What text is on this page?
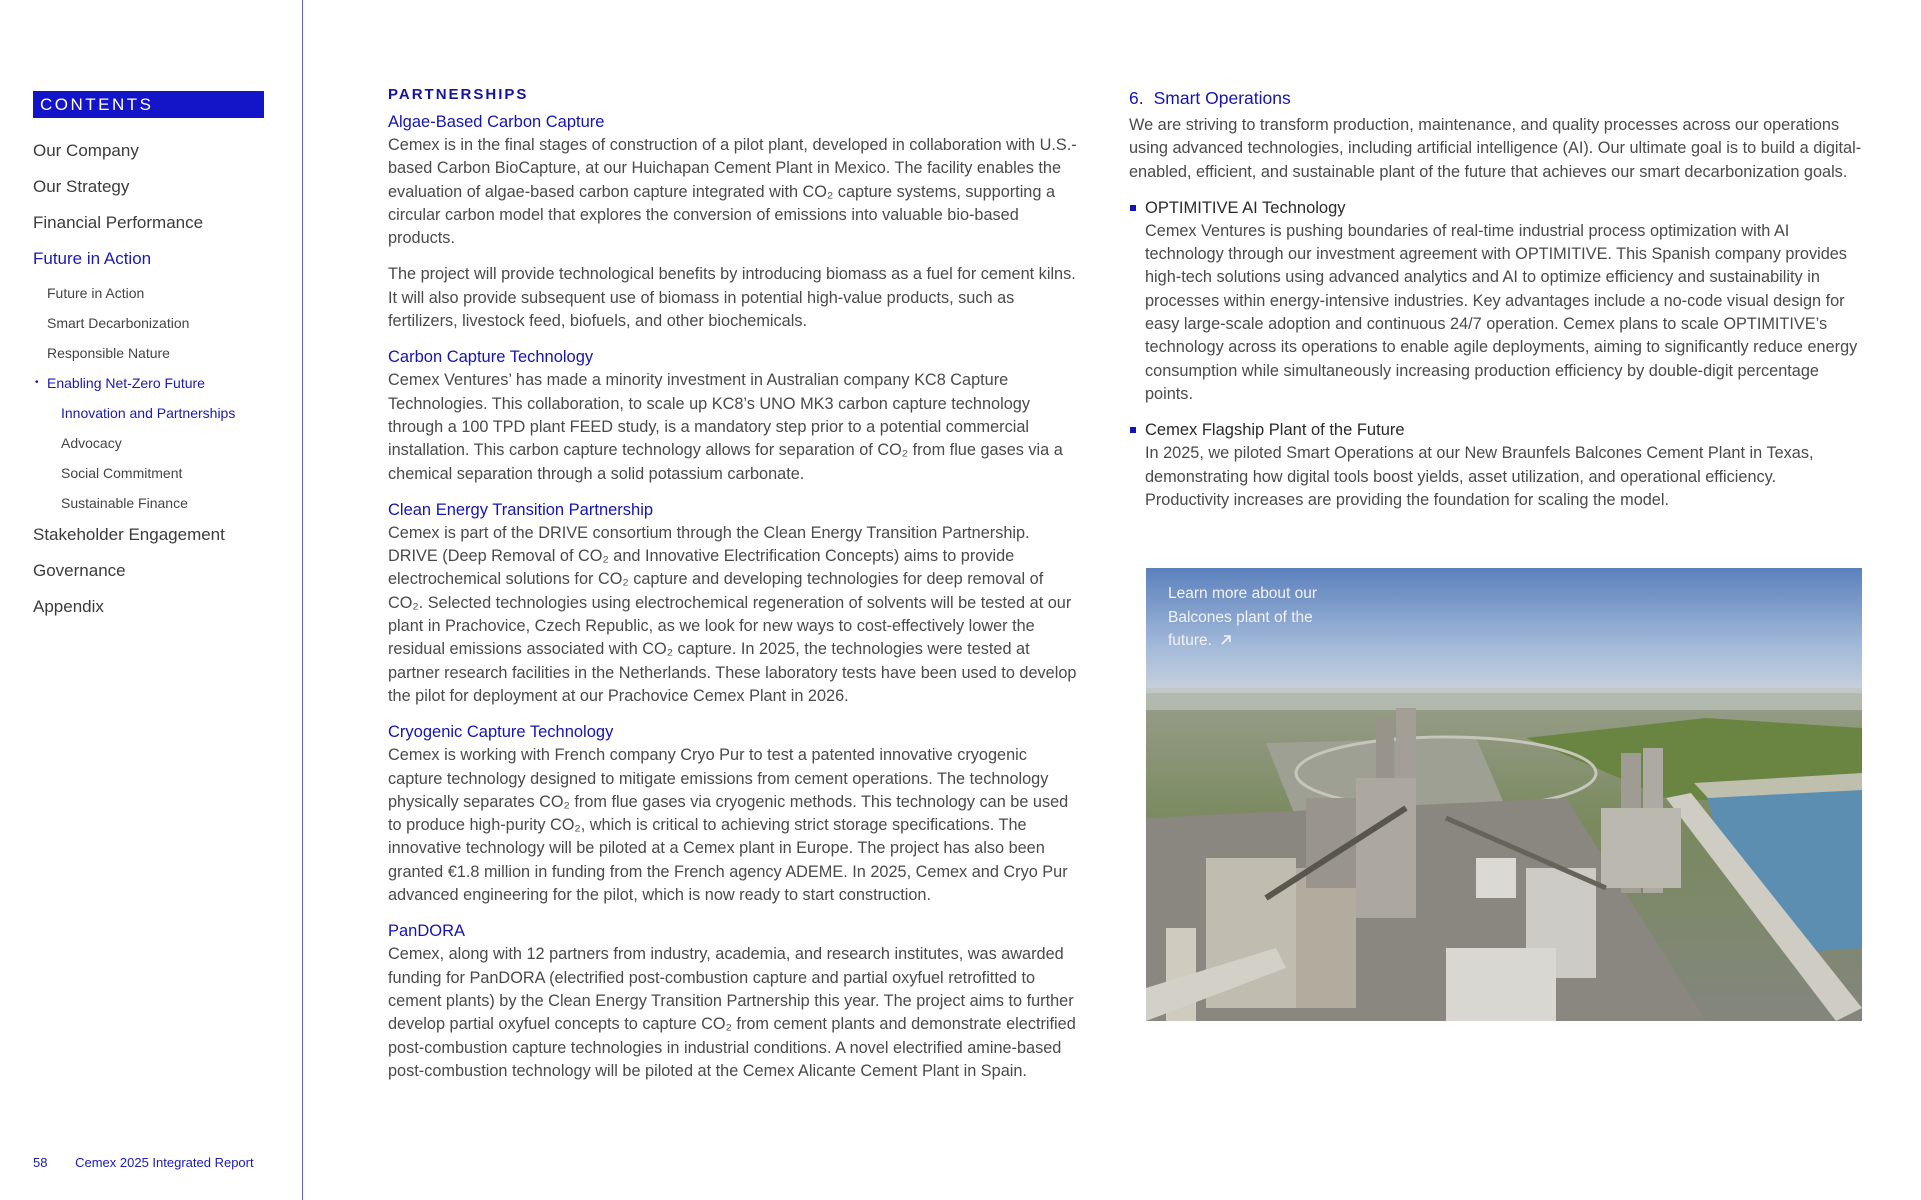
CONTENTS
Our Company
Our Strategy
Financial Performance
Future in Action
Future in Action
Smart Decarbonization
Responsible Nature
• Enabling Net-Zero Future
Innovation and Partnerships
Advocacy
Social Commitment
Sustainable Finance
Stakeholder Engagement
Governance
Appendix
58 Cemex 2025 Integrated Report
PARTNERSHIPS
Algae-Based Carbon Capture
Cemex is in the final stages of construction of a pilot plant, developed in collaboration with U.S.-based Carbon BioCapture, at our Huichapan Cement Plant in Mexico. The facility enables the evaluation of algae-based carbon capture integrated with CO₂ capture systems, supporting a circular carbon model that explores the conversion of emissions into valuable bio-based products.
The project will provide technological benefits by introducing biomass as a fuel for cement kilns. It will also provide subsequent use of biomass in potential high-value products, such as fertilizers, livestock feed, biofuels, and other biochemicals.
Carbon Capture Technology
Cemex Ventures’ has made a minority investment in Australian company KC8 Capture Technologies. This collaboration, to scale up KC8’s UNO MK3 carbon capture technology through a 100 TPD plant FEED study, is a mandatory step prior to a potential commercial installation. This carbon capture technology allows for separation of CO₂ from flue gases via a chemical separation through a solid potassium carbonate.
Clean Energy Transition Partnership
Cemex is part of the DRIVE consortium through the Clean Energy Transition Partnership. DRIVE (Deep Removal of CO₂ and Innovative Electrification Concepts) aims to provide electrochemical solutions for CO₂ capture and developing technologies for deep removal of CO₂. Selected technologies using electrochemical regeneration of solvents will be tested at our plant in Prachovice, Czech Republic, as we look for new ways to cost-effectively lower the residual emissions associated with CO₂ capture. In 2025, the technologies were tested at partner research facilities in the Netherlands. These laboratory tests have been used to develop the pilot for deployment at our Prachovice Cemex Plant in 2026.
Cryogenic Capture Technology
Cemex is working with French company Cryo Pur to test a patented innovative cryogenic capture technology designed to mitigate emissions from cement operations. The technology physically separates CO₂ from flue gases via cryogenic methods. This technology can be used to produce high-purity CO₂, which is critical to achieving strict storage specifications. The innovative technology will be piloted at a Cemex plant in Europe. The project has also been granted €1.8 million in funding from the French agency ADEME. In 2025, Cemex and Cryo Pur advanced engineering for the pilot, which is now ready to start construction.
PanDORA
Cemex, along with 12 partners from industry, academia, and research institutes, was awarded funding for PanDORA (electrified post-combustion capture and partial oxyfuel retrofitted to cement plants) by the Clean Energy Transition Partnership this year. The project aims to further develop partial oxyfuel concepts to capture CO₂ from cement plants and demonstrate electrified post-combustion capture technologies in industrial conditions. A novel electrified amine-based post-combustion technology will be piloted at the Cemex Alicante Cement Plant in Spain.
6. Smart Operations
We are striving to transform production, maintenance, and quality processes across our operations using advanced technologies, including artificial intelligence (AI). Our ultimate goal is to build a digital-enabled, efficient, and sustainable plant of the future that achieves our smart decarbonization goals.
OPTIMITIVE AI Technology
Cemex Ventures is pushing boundaries of real-time industrial process optimization with AI technology through our investment agreement with OPTIMITIVE. This Spanish company provides high-tech solutions using advanced analytics and AI to optimize efficiency and sustainability in processes within energy-intensive industries. Key advantages include a no-code visual design for easy large-scale adoption and continuous 24/7 operation. Cemex plans to scale OPTIMITIVE’s technology across its operations to enable agile deployments, aiming to significantly reduce energy consumption while simultaneously increasing production efficiency by double-digit percentage points.
Cemex Flagship Plant of the Future
In 2025, we piloted Smart Operations at our New Braunfels Balcones Cement Plant in Texas, demonstrating how digital tools boost yields, asset utilization, and operational efficiency. Productivity increases are providing the foundation for scaling the model.
Learn more about our Balcones plant of the future.
